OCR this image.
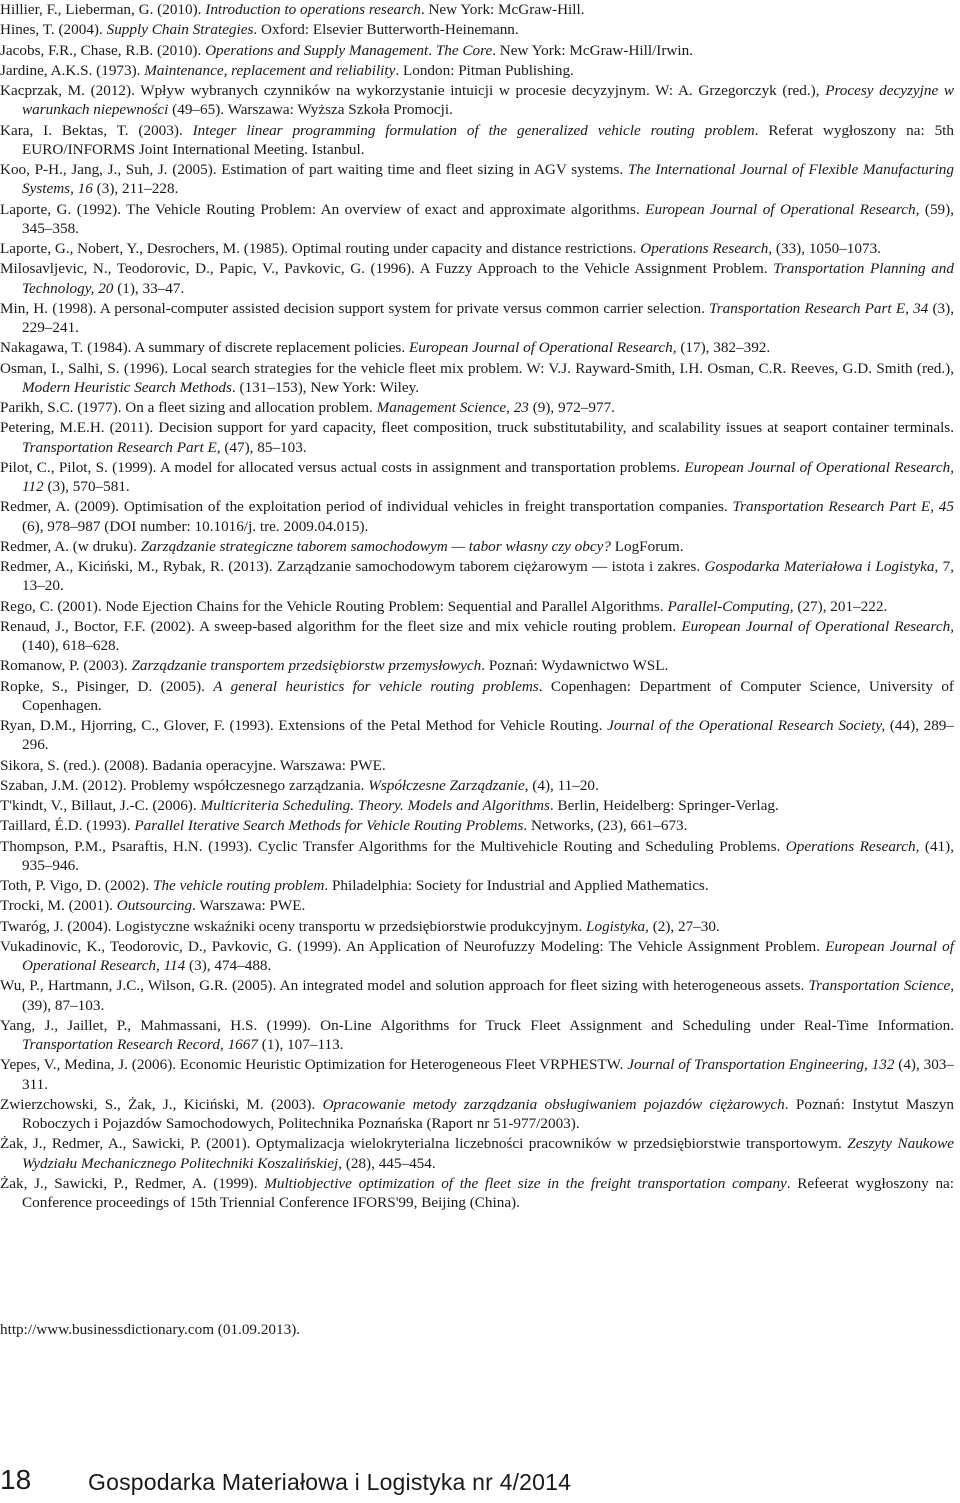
Hillier, F., Lieberman, G. (2010). Introduction to operations research. New York: McGraw-Hill.

Hines, T. (2004). Supply Chain Strategies. Oxford: Elsevier Butterworth-Heinemann.

Jacobs, F.R., Chase, R.B. (2010). Operations and Supply Management. The Core. New York: McGraw-Hill/Irwin.

Jardine, A.K.S. (1973). Maintenance, replacement and reliability. London: Pitman Publishing.

Kacprzak, M. (2012). Wpływ wybranych czynników na wykorzystanie intuicji w procesie decyzyjnym. W: A. Grzegorczyk (red.), Procesy decyzyjne w warunkach niepewności (49–65). Warszawa: Wyższa Szkoła Promocji.

Kara, I. Bektas, T. (2003). Integer linear programming formulation of the generalized vehicle routing problem. Referat wygłoszony na: 5th EURO/INFORMS Joint International Meeting. Istanbul.

Koo, P-H., Jang, J., Suh, J. (2005). Estimation of part waiting time and fleet sizing in AGV systems. The International Journal of Flexible Manufacturing Systems, 16 (3), 211–228.

Laporte, G. (1992). The Vehicle Routing Problem: An overview of exact and approximate algorithms. European Journal of Operational Research, (59), 345–358.

Laporte, G., Nobert, Y., Desrochers, M. (1985). Optimal routing under capacity and distance restrictions. Operations Research, (33), 1050–1073.

Milosavljevic, N., Teodorovic, D., Papic, V., Pavkovic, G. (1996). A Fuzzy Approach to the Vehicle Assignment Problem. Transportation Planning and Technology, 20 (1), 33–47.

Min, H. (1998). A personal-computer assisted decision support system for private versus common carrier selection. Transportation Research Part E, 34 (3), 229–241.

Nakagawa, T. (1984). A summary of discrete replacement policies. European Journal of Operational Research, (17), 382–392.

Osman, I., Salhi, S. (1996). Local search strategies for the vehicle fleet mix problem. W: V.J. Rayward-Smith, I.H. Osman, C.R. Reeves, G.D. Smith (red.), Modern Heuristic Search Methods. (131–153), New York: Wiley.

Parikh, S.C. (1977). On a fleet sizing and allocation problem. Management Science, 23 (9), 972–977.

Petering, M.E.H. (2011). Decision support for yard capacity, fleet composition, truck substitutability, and scalability issues at seaport container terminals. Transportation Research Part E, (47), 85–103.

Pilot, C., Pilot, S. (1999). A model for allocated versus actual costs in assignment and transportation problems. European Journal of Operational Research, 112 (3), 570–581.

Redmer, A. (2009). Optimisation of the exploitation period of individual vehicles in freight transportation companies. Transportation Research Part E, 45 (6), 978–987 (DOI number: 10.1016/j. tre. 2009.04.015).

Redmer, A. (w druku). Zarządzanie strategiczne taborem samochodowym — tabor własny czy obcy? LogForum.

Redmer, A., Kiciński, M., Rybak, R. (2013). Zarządzanie samochodowym taborem ciężarowym — istota i zakres. Gospodarka Materiałowa i Logistyka, 7, 13–20.

Rego, C. (2001). Node Ejection Chains for the Vehicle Routing Problem: Sequential and Parallel Algorithms. Parallel-Computing, (27), 201–222.

Renaud, J., Boctor, F.F. (2002). A sweep-based algorithm for the fleet size and mix vehicle routing problem. European Journal of Operational Research, (140), 618–628.

Romanow, P. (2003). Zarządzanie transportem przedsiębiorstw przemysłowych. Poznań: Wydawnictwo WSL.

Ropke, S., Pisinger, D. (2005). A general heuristics for vehicle routing problems. Copenhagen: Department of Computer Science, University of Copenhagen.

Ryan, D.M., Hjorring, C., Glover, F. (1993). Extensions of the Petal Method for Vehicle Routing. Journal of the Operational Research Society, (44), 289–296.

Sikora, S. (red.). (2008). Badania operacyjne. Warszawa: PWE.

Szaban, J.M. (2012). Problemy współczesnego zarządzania. Współczesne Zarządzanie, (4), 11–20.

T'kindt, V., Billaut, J.-C. (2006). Multicriteria Scheduling. Theory. Models and Algorithms. Berlin, Heidelberg: Springer-Verlag.

Taillard, É.D. (1993). Parallel Iterative Search Methods for Vehicle Routing Problems. Networks, (23), 661–673.

Thompson, P.M., Psaraftis, H.N. (1993). Cyclic Transfer Algorithms for the Multivehicle Routing and Scheduling Problems. Operations Research, (41), 935–946.

Toth, P. Vigo, D. (2002). The vehicle routing problem. Philadelphia: Society for Industrial and Applied Mathematics.

Trocki, M. (2001). Outsourcing. Warszawa: PWE.

Twaróg, J. (2004). Logistyczne wskaźniki oceny transportu w przedsiębiorstwie produkcyjnym. Logistyka, (2), 27–30.

Vukadinovic, K., Teodorovic, D., Pavkovic, G. (1999). An Application of Neurofuzzy Modeling: The Vehicle Assignment Problem. European Journal of Operational Research, 114 (3), 474–488.

Wu, P., Hartmann, J.C., Wilson, G.R. (2005). An integrated model and solution approach for fleet sizing with heterogeneous assets. Transportation Science, (39), 87–103.

Yang, J., Jaillet, P., Mahmassani, H.S. (1999). On-Line Algorithms for Truck Fleet Assignment and Scheduling under Real-Time Information. Transportation Research Record, 1667 (1), 107–113.

Yepes, V., Medina, J. (2006). Economic Heuristic Optimization for Heterogeneous Fleet VRPHESTW. Journal of Transportation Engineering, 132 (4), 303–311.

Zwierzchowski, S., Żak, J., Kiciński, M. (2003). Opracowanie metody zarządzania obsługiwaniem pojazdów ciężarowych. Poznań: Instytut Maszyn Roboczych i Pojazdów Samochodowych, Politechnika Poznańska (Raport nr 51-977/2003).

Żak, J., Redmer, A., Sawicki, P. (2001). Optymalizacja wielokryterialna liczebności pracowników w przedsiębiorstwie transportowym. Zeszyty Naukowe Wydziału Mechanicznego Politechniki Koszalińskiej, (28), 445–454.

Żak, J., Sawicki, P., Redmer, A. (1999). Multiobjective optimization of the fleet size in the freight transportation company. Refeerat wygłoszony na: Conference proceedings of 15th Triennial Conference IFORS'99, Beijing (China).

http://www.businessdictionary.com (01.09.2013).
18 Gospodarka Materiałowa i Logistyka nr 4/2014
